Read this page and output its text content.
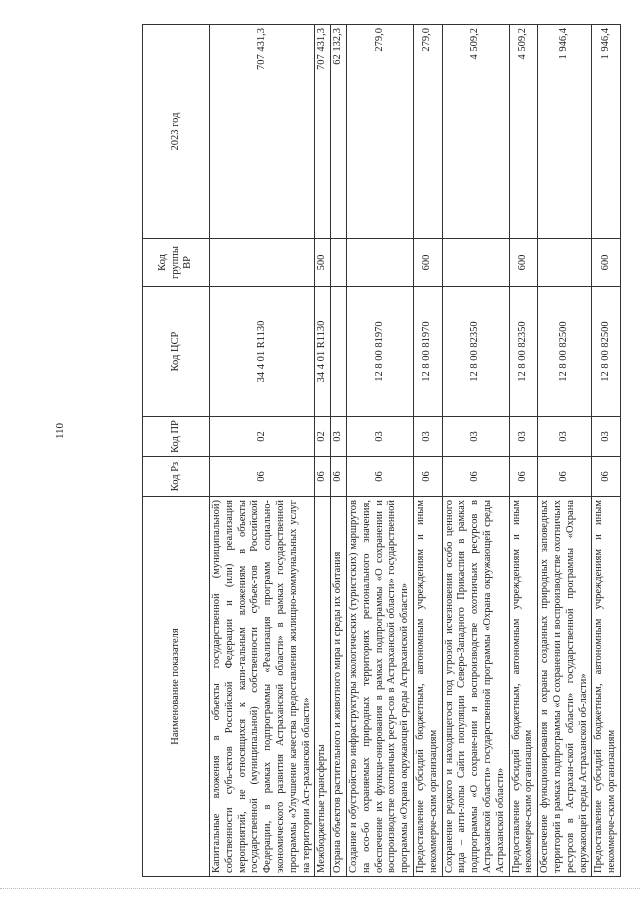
110
Наименование показателя	Код Рз	Код ПР	Код ЦСР	Код группы ВР	2023 год
Капитальные вложения в объекты государственной (муниципальной) собственности субъ-ектов Российской Федерации и (или) реализация мероприятий, не относящихся к капи-тальным вложениям в объекты государственной (муниципальной) собственности субъек-тов Российской Федерации, в рамках подпрограммы «Реализация программ социально-экономического развития Астраханской области» в рамках государственной программы «Улучшение качества предоставления жилищно-коммунальных услуг на территории Аст-раханской области»	06	02	34 4 01 R1130		707 431,3
Межбюджетные трансферты	06	02	34 4 01 R1130	500	707 431,3
Охрана объектов растительного и животного мира и среды их обитания	06	03			62 132,3
Создание и обустройство инфраструктуры экологических (туристских) маршрутов на осо-бо охраняемых природных территориях регионального значения, обеспечение их функци-онирования в рамках подпрограммы «О сохранении и воспроизводстве охотничьих ресур-сов в Астраханской области» государственной программы «Охрана окружающей среды Астраханской области»	06	03	12 8 00 81970		279,0
Предоставление субсидий бюджетным, автономным учреждениям и иным некоммерче-ским организациям	06	03	12 8 00 81970	600	279,0
Сохранение редкого и находящегося под угрозой исчезновения особо ценного вида – анти-лопы Сайги популяции Северо-Западного Прикаспия в рамках подпрограммы «О сохране-нии и воспроизводстве охотничьих ресурсов в Астраханской области» государственной программы «Охрана окружающей среды Астраханской области»	06	03	12 8 00 82350		4 509,2
Предоставление субсидий бюджетным, автономным учреждениям и иным некоммерче-ским организациям	06	03	12 8 00 82350	600	4 509,2
Обеспечение функционирования и охраны созданных природных заповедных территорий в рамках подпрограммы «О сохранении и воспроизводстве охотничьих ресурсов в Астрахан-ской области» государственной программы «Охрана окружающей среды Астраханской об-ласти»	06	03	12 8 00 82500		1 946,4
Предоставление субсидий бюджетным, автономным учреждениям и иным некоммерче-ским организациям	06	03	12 8 00 82500	600	1 946,4
